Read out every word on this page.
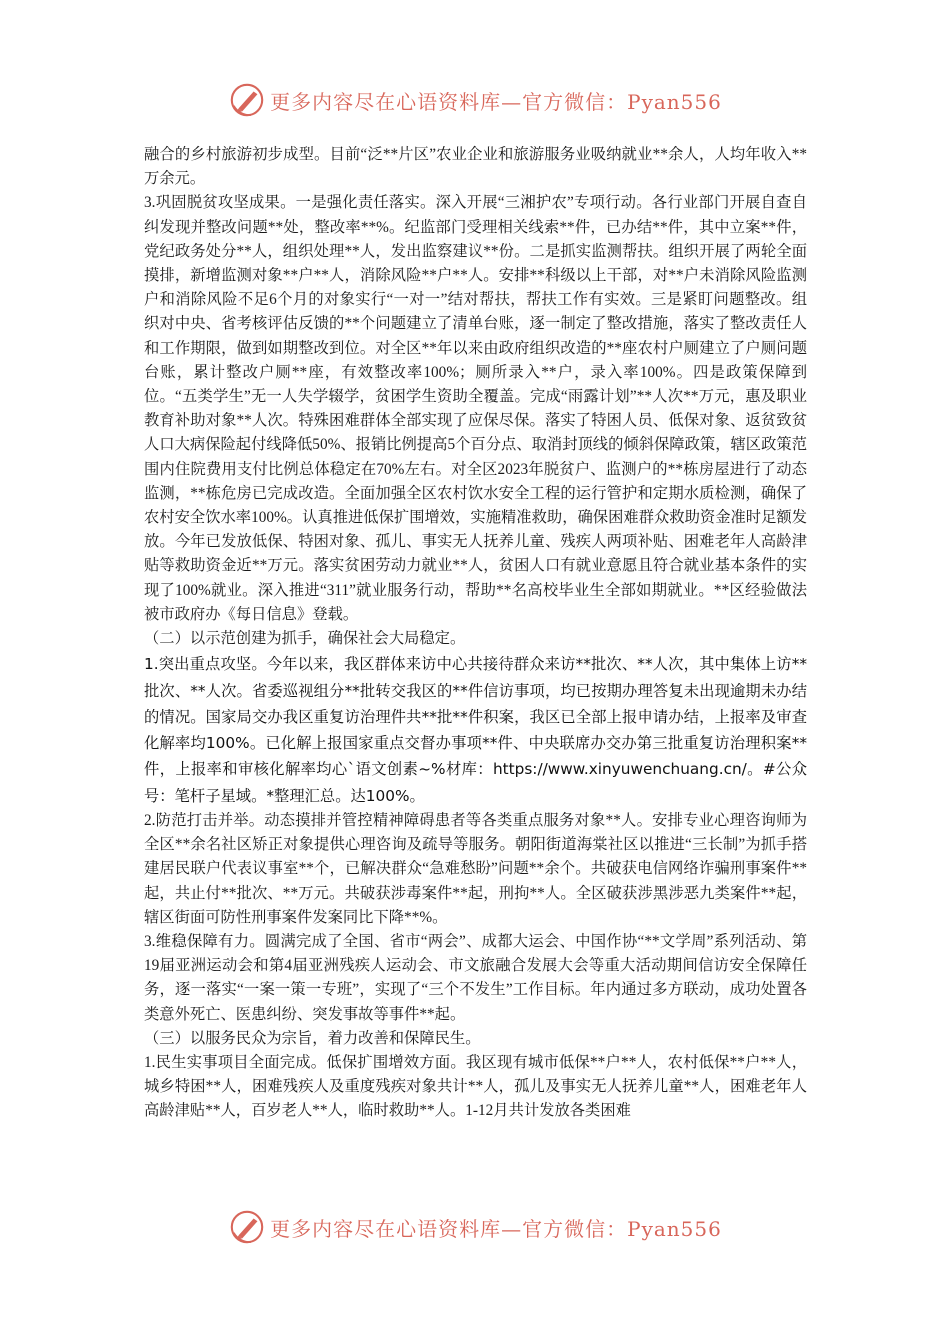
更多内容尽在心语资料库—官方微信：Pyan556

融合的乡村旅游初步成型。目前“泛**片区”农业企业和旅游服务业吸纳就业**余人，人均年收入**万余元。

3.巩固脱贫攻坚成果。一是强化责任落实。深入开展“三湘护农”专项行动。各行业部门开展自查自纠发现并整改问题**处，整改率**%。纪监部门受理相关线索**件，已办结**件，其中立案**件，党纪政务处分**人，组织处理**人，发出监察建议**份。二是抓实监测帮扶。组织开展了两轮全面摸排，新增监测对象**户**人，消除风险**户**人。安排**科级以上干部，对**户未消除风险监测户和消除风险不足6个月的对象实行“一对一”结对帮扶，帮扶工作有实效。三是紧盯问题整改。组织对中央、省考核评估反馈的**个问题建立了清单台账，逐一制定了整改措施，落实了整改责任人和工作期限，做到如期整改到位。对全区**年以来由政府组织改造的**座农村户厕建立了户厕问题台账，累计整改户厕**座，有效整改率100%；厕所录入**户，录入率100%。四是政策保障到位。“五类学生”无一人失学辍学，贫困学生资助全覆盖。完成“雨露计划”**人次**万元，惠及职业教育补助对象**人次。特殊困难群体全部实现了应保尽保。落实了特困人员、低保对象、返贫致贫人口大病保险起付线降低50%、报销比例提高5个百分点、取消封顶线的倾斜保障政策，辖区政策范围内住院费用支付比例总体稳定在70%左右。对全区2023年脱贫户、监测户的**栋房屋进行了动态监测，**栋危房已完成改造。全面加强全区农村饮水安全工程的运行管护和定期水质检测，确保了农村安全饮水率100%。认真推进低保扩围增效，实施精准救助，确保困难群众救助资金准时足额发放。今年已发放低保、特困对象、孤儿、事实无人抚养儿童、残疾人两项补贴、困难老年人高龄津贴等救助资金近**万元。落实贫困劳动力就业**人，贫困人口有就业意愿且符合就业基本条件的实现了100%就业。深入推进“311”就业服务行动，帮助**名高校毕业生全部如期就业。**区经验做法被市政府办《每日信息》登载。

（二）以示范创建为抓手，确保社会大局稳定。

1.突出重点攻坚。今年以来，我区群体来访中心共接待群众来访**批次、**人次，其中集体上访**批次、**人次。省委巡视组分**批转交我区的**件信访事项，均已按期办理答复未出现逾期未办结的情况。国家局交办我区重复访治理件共**批**件积案，我区已全部上报申请办结，上报率及审查化解率均100%。已化解上报国家重点交督办事项**件、中央联席办交办第三批重复访治理积案**件，上报率和审核化解率均心`语文创素~%材库：https://www.xinyuwenchuang.cn/。#公众号：笔杆子星域。*整理汇总。达100%。

2.防范打击并举。动态摸排并管控精神障碍患者等各类重点服务对象**人。安排专业心理咨询师为全区**余名社区矫正对象提供心理咨询及疏导等服务。朝阳街道海棠社区以推进“三长制”为抓手搭建居民联户代表议事室**个，已解决群众“急难愁盼”问题**余个。共破获电信网络诈骗刑事案件**起，共止付**批次、**万元。共破获涉毒案件**起，刑拘**人。全区破获涉黑涉恶九类案件**起，辖区街面可防性刑事案件发案同比下降**%。

3.维稳保障有力。圆满完成了全国、省市“两会”、成都大运会、中国作协“**文学周”系列活动、第19届亚洲运动会和第4届亚洲残疾人运动会、市文旅融合发展大会等重大活动期间信访安全保障任务，逐一落实“一案一策一专班”，实现了“三个不发生”工作目标。年内通过多方联动，成功处置各类意外死亡、医患纠纷、突发事故等事件**起。

（三）以服务民众为宗旨，着力改善和保障民生。

1.民生实事项目全面完成。低保扩围增效方面。我区现有城市低保**户**人，农村低保**户**人，城乡特困**人，困难残疾人及重度残疾对象共计**人，孤儿及事实无人抚养儿童**人，困难老年人高龄津贴**人，百岁老人**人，临时救助**人。1-12月共计发放各类困难

更多内容尽在心语资料库—官方微信：Pyan556
